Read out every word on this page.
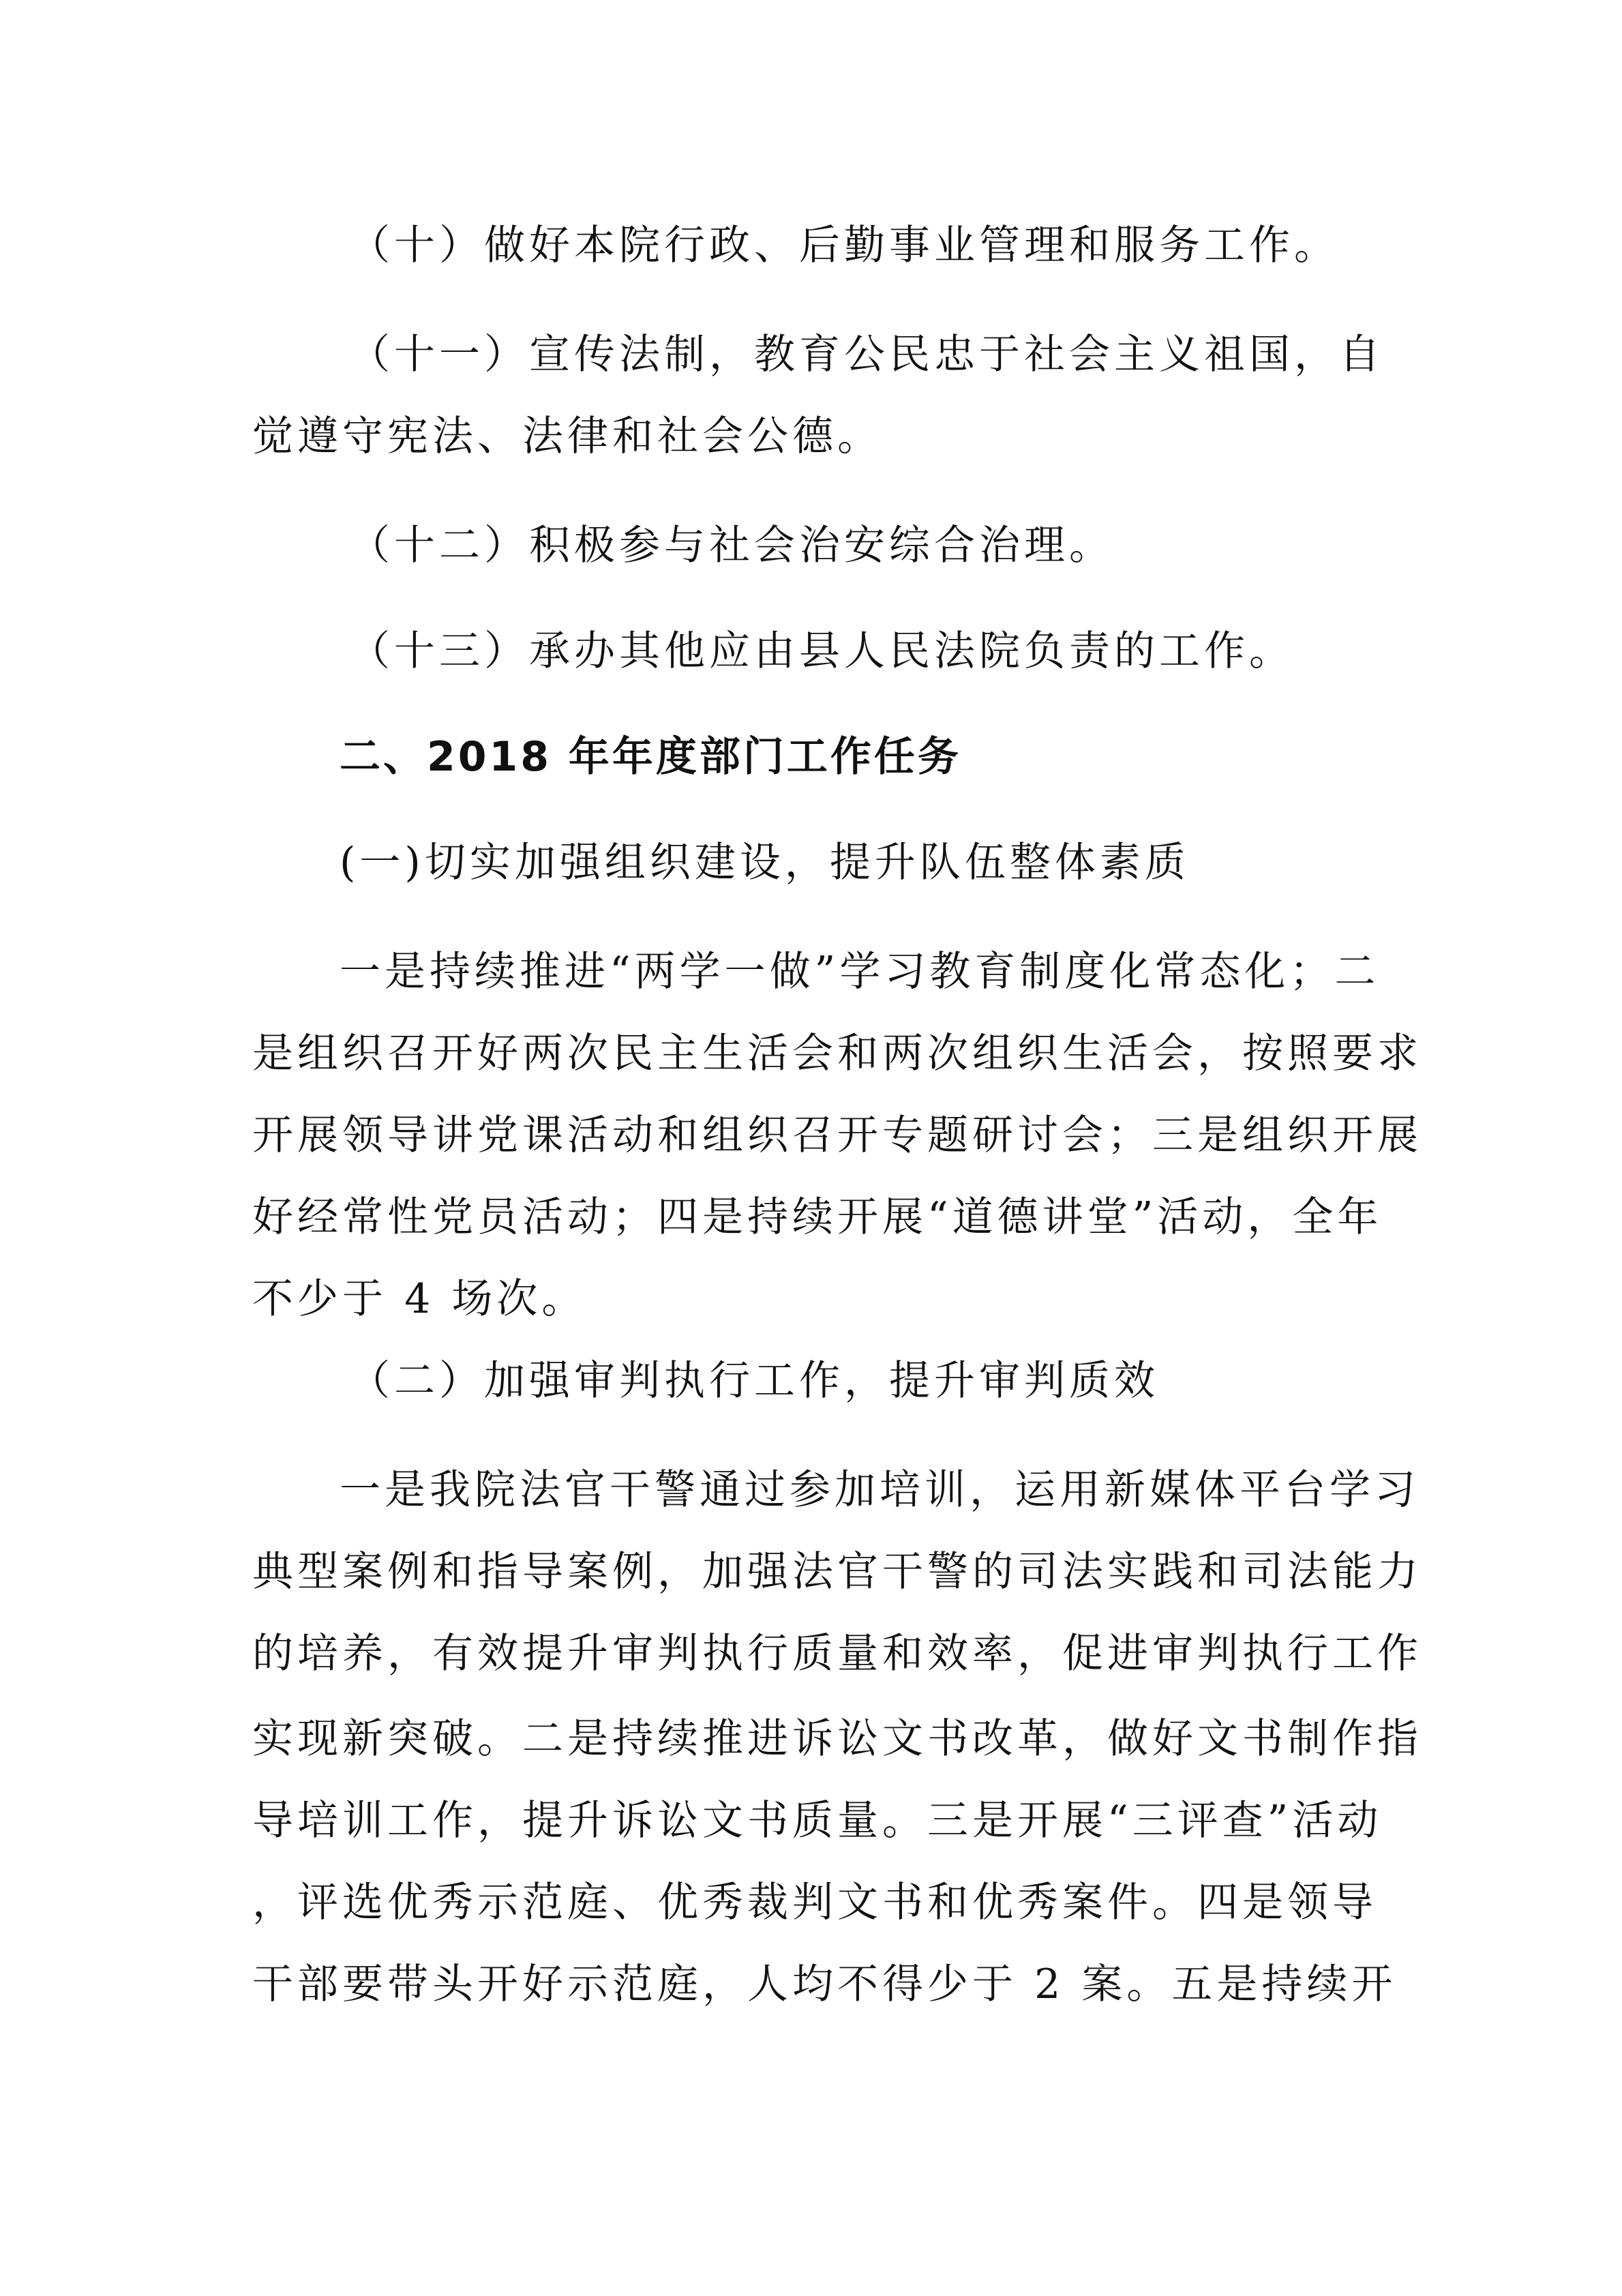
（十）做好本院行政、后勤事业管理和服务工作。
（十一）宣传法制，教育公民忠于社会主义祖国，自
觉遵守宪法、法律和社会公德。
（十二）积极参与社会治安综合治理。
（十三）承办其他应由县人民法院负责的工作。
二、2018 年年度部门工作任务
(一)切实加强组织建设，提升队伍整体素质
一是持续推进“两学一做”学习教育制度化常态化；二
是组织召开好两次民主生活会和两次组织生活会，按照要求
开展领导讲党课活动和组织召开专题研讨会；三是组织开展
好经常性党员活动；四是持续开展“道德讲堂”活动，全年
不少于 4 场次。
（二）加强审判执行工作，提升审判质效
一是我院法官干警通过参加培训，运用新媒体平台学习
典型案例和指导案例，加强法官干警的司法实践和司法能力
的培养，有效提升审判执行质量和效率，促进审判执行工作
实现新突破。二是持续推进诉讼文书改革，做好文书制作指
导培训工作，提升诉讼文书质量。三是开展“三评查”活动
，评选优秀示范庭、优秀裁判文书和优秀案件。四是领导
干部要带头开好示范庭，人均不得少于 2 案。五是持续开
